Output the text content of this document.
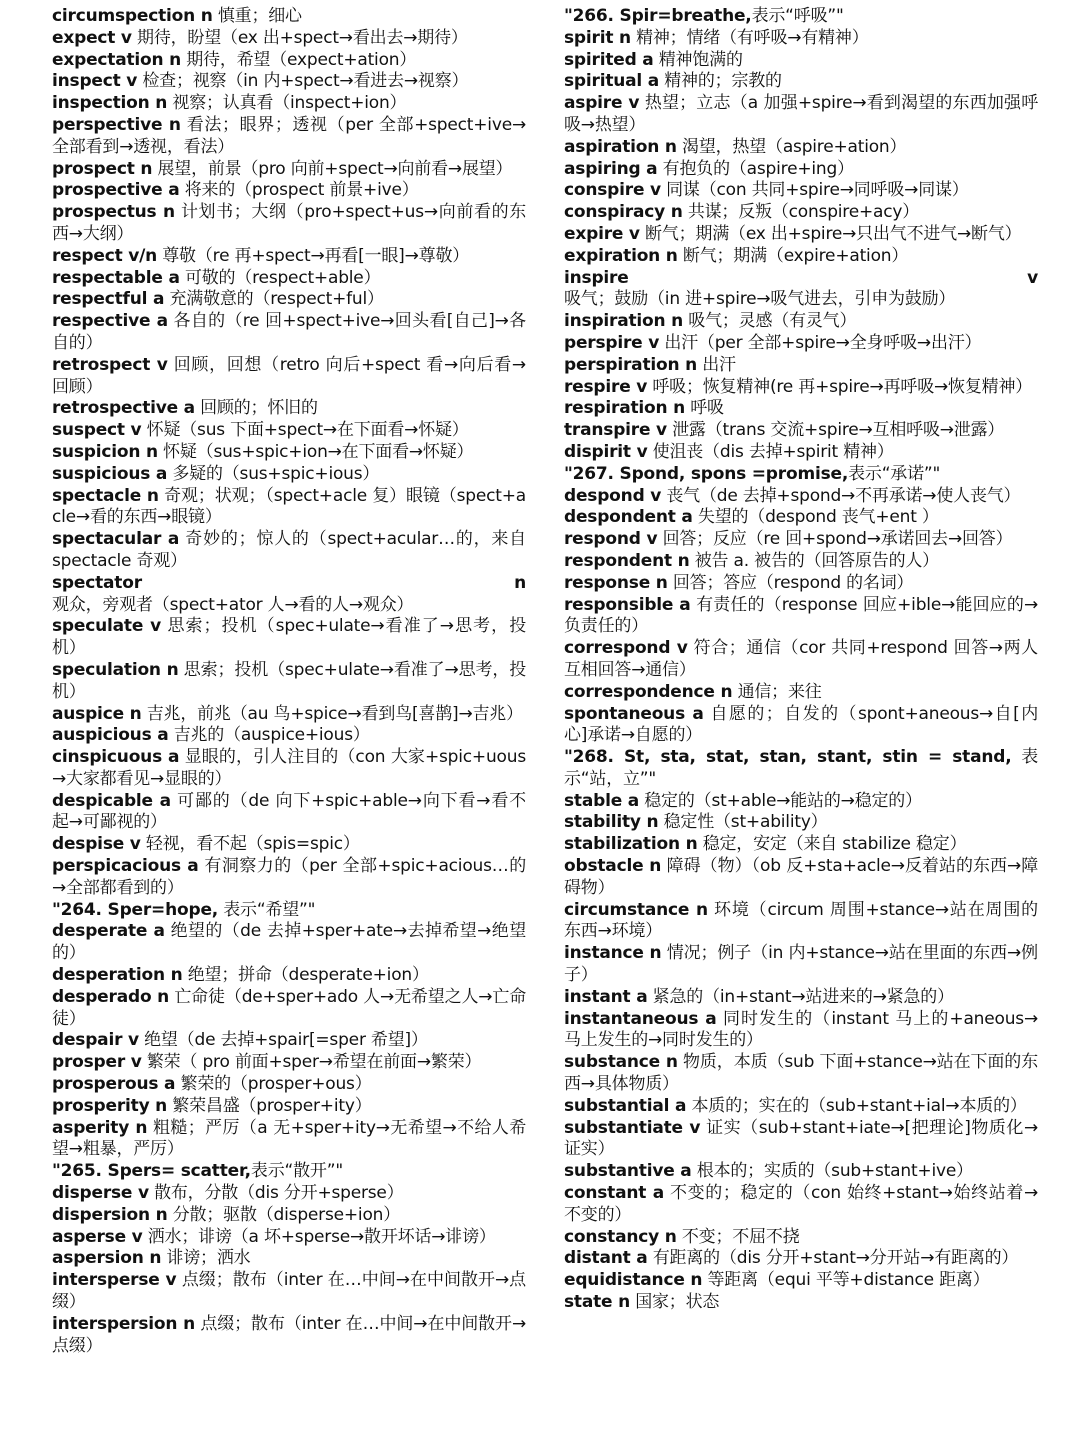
circumspection n 慎重；细心

expect v 期待，盼望（ex 出+spect→看出去→期待）

expectation n 期待，希望（expect+ation）

inspect v 检查；视察（in 内+spect→看进去→视察）

inspection n 视察；认真看（inspect+ion）

perspective n 看法；眼界；透视（per 全部+spect+ive→全部看到→透视，看法）

prospect n 展望，前景（pro 向前+spect→向前看→展望）

prospective a 将来的（prospect 前景+ive）

prospectus n 计划书；大纲（pro+spect+us→向前看的东西→大纲）

respect v/n 尊敬（re 再+spect→再看[一眼]→尊敬）

respectable a 可敬的（respect+able）

respectful a 充满敬意的（respect+ful）

respective a 各自的（re 回+spect+ive→回头看[自己]→各自的）

retrospect v 回顾，回想（retro 向后+spect 看→向后看→回顾）

retrospective a 回顾的；怀旧的

suspect v 怀疑（sus 下面+spect→在下面看→怀疑）

suspicion n 怀疑（sus+spic+ion→在下面看→怀疑）

suspicious a 多疑的（sus+spic+ious）

spectacle n 奇观；状观；（spect+acle 复）眼镜（spect+acle→看的东西→眼镜）

spectacular a 奇妙的；惊人的（spect+acular…的，来自 spectacle 奇观）

spectator n 观众，旁观者（spect+ator 人→看的人→观众）

speculate v 思索；投机（spec+ulate→看准了→思考，投机）

speculation n 思索；投机（spec+ulate→看准了→思考，投机）

auspice n 吉兆，前兆（au 鸟+spice→看到鸟[喜鹊]→吉兆）

auspicious a 吉兆的（auspice+ious）

cinspicuous a 显眼的，引人注目的（con 大家+spic+uous→大家都看见→显眼的）

despicable a 可鄙的（de 向下+spic+able→向下看→看不起→可鄙视的）

despise v 轻视，看不起（spis=spic）

perspicacious a 有洞察力的（per 全部+spic+acious…的→全部都看到的）

"264. Sper=hope, 表示“希望”"

desperate a 绝望的（de 去掉+sper+ate→去掉希望→绝望的）

desperation n 绝望；拼命（desperate+ion）

desperado n 亡命徒（de+sper+ado 人→无希望之人→亡命徒）

despair v 绝望（de 去掉+spair[=sper 希望]）

prosper v 繁荣（ pro 前面+sper→希望在前面→繁荣）

prosperous a 繁荣的（prosper+ous）

prosperity n 繁荣昌盛（prosper+ity）

asperity n 粗糙；严厉（a 无+sper+ity→无希望→不给人希望→粗暴，严厉）

"265. Spers= scatter,表示“散开”"

disperse v 散布，分散（dis 分开+sperse）

dispersion n 分散；驱散（disperse+ion）

asperse v 洒水；诽谤（a 坏+sperse→散开坏话→诽谤）

aspersion n 诽谤；洒水

intersperse v 点缀；散布（inter 在…中间→在中间散开→点缀）

interspersion n 点缀；散布（inter 在…中间→在中间散开→点缀）

"266. Spir=breathe,表示“呼吸”"

spirit n 精神；情绪（有呼吸→有精神）

spirited a 精神饱满的

spiritual a 精神的；宗教的

aspire v 热望；立志（a 加强+spire→看到渴望的东西加强呼吸→热望）

aspiration n 渴望，热望（aspire+ation）

aspiring a 有抱负的（aspire+ing）

conspire v 同谋（con 共同+spire→同呼吸→同谋）

conspiracy n 共谋；反叛（conspire+acy）

expire v 断气；期满（ex 出+spire→只出气不进气→断气）

expiration n 断气；期满（expire+ation）

inspire v 吸气；鼓励（in 进+spire→吸气进去，引申为鼓励）

inspiration n 吸气；灵感（有灵气）

perspire v 出汗（per 全部+spire→全身呼吸→出汗）

perspiration n 出汗

respire v 呼吸；恢复精神(re 再+spire→再呼吸→恢复精神）

respiration n 呼吸

transpire v 泄露（trans 交流+spire→互相呼吸→泄露）

dispirit v 使沮丧（dis 去掉+spirit 精神）

"267. Spond, spons =promise,表示“承诺”"

despond v 丧气（de 去掉+spond→不再承诺→使人丧气）

despondent a 失望的（despond 丧气+ent ）

respond v 回答；反应（re 回+spond→承诺回去→回答）

respondent n 被告 a. 被告的（回答原告的人）

response n 回答；答应（respond 的名词）

responsible a 有责任的（response 回应+ible→能回应的→负责任的）

correspond v 符合；通信（cor 共同+respond 回答→两人互相回答→通信）

correspondence n 通信；来往

spontaneous a 自愿的；自发的（spont+aneous→自[内心]承诺→自愿的）

"268. St, sta, stat, stan, stant, stin = stand, 表示“站，立”"

stable a 稳定的（st+able→能站的→稳定的）

stability n 稳定性（st+ability）

stabilization n 稳定，安定（来自 stabilize 稳定）

obstacle n 障碍（物）（ob 反+sta+acle→反着站的东西→障碍物）

circumstance n 环境（circum 周围+stance→站在周围的东西→环境）

instance n 情况；例子（in 内+stance→站在里面的东西→例子）

instant a 紧急的（in+stant→站进来的→紧急的）

instantaneous a 同时发生的（instant 马上的+aneous→马上发生的→同时发生的）

substance n 物质，本质（sub 下面+stance→站在下面的东西→具体物质）

substantial a 本质的；实在的（sub+stant+ial→本质的）

substantiate v 证实（sub+stant+iate→[把理论]物质化→证实）

substantive a 根本的；实质的（sub+stant+ive）

constant a 不变的；稳定的（con 始终+stant→始终站着→不变的）

constancy n 不变；不屈不挠

distant a 有距离的（dis 分开+stant→分开站→有距离的）

equidistance n 等距离（equi 平等+distance 距离）

state n 国家；状态
